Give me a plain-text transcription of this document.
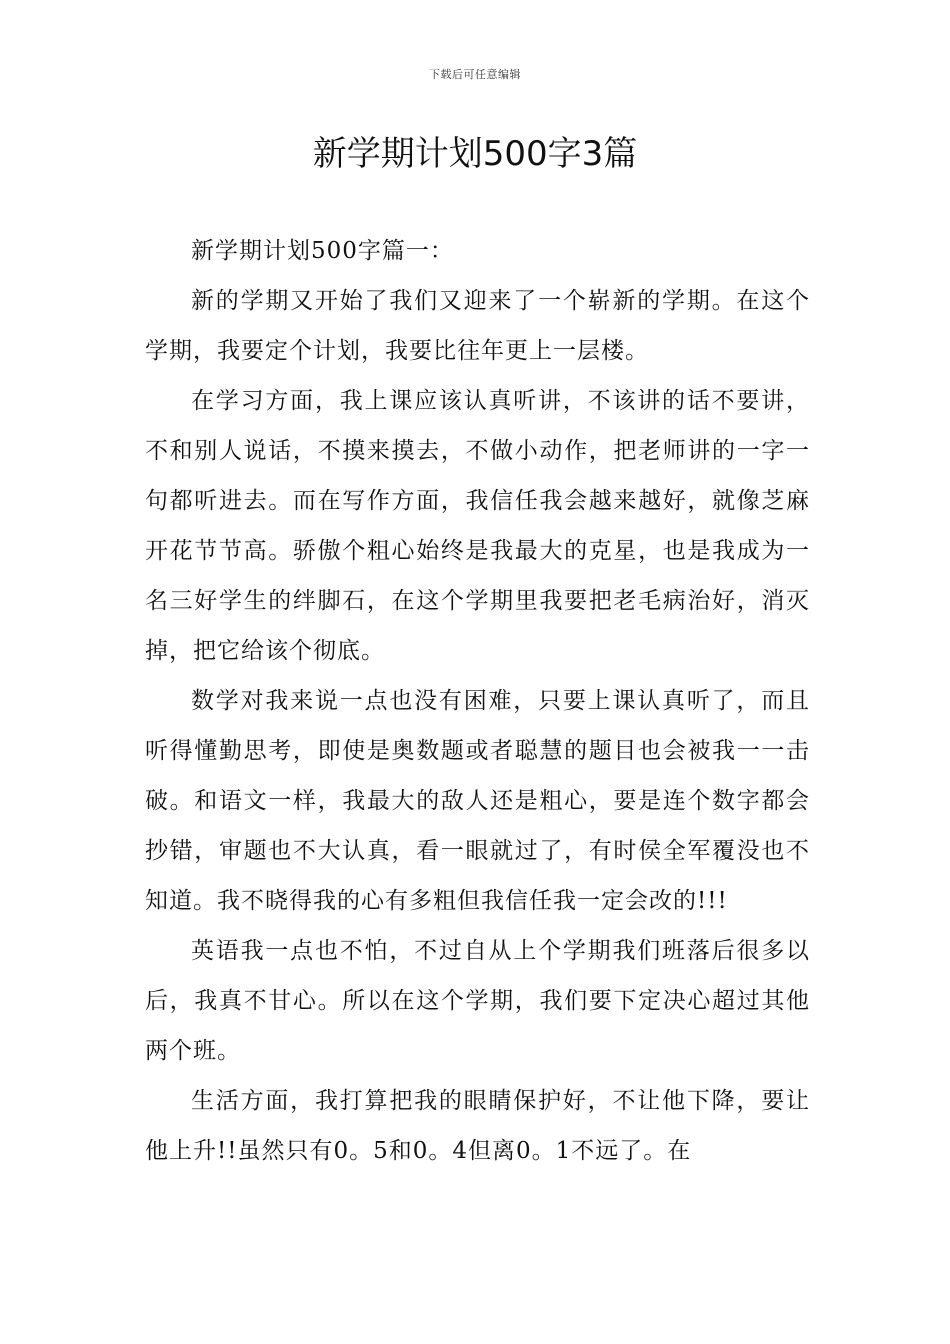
下载后可任意编辑
新学期计划500字3篇

新学期计划500字篇一：

新的学期又开始了我们又迎来了一个崭新的学期。在这个学期，我要定个计划，我要比往年更上一层楼。

在学习方面，我上课应该认真听讲，不该讲的话不要讲，不和别人说话，不摸来摸去，不做小动作，把老师讲的一字一句都听进去。而在写作方面，我信任我会越来越好，就像芝麻开花节节高。骄傲个粗心始终是我最大的克星，也是我成为一名三好学生的绊脚石，在这个学期里我要把老毛病治好，消灭掉，把它给该个彻底。

数学对我来说一点也没有困难，只要上课认真听了，而且听得懂勤思考，即使是奥数题或者聪慧的题目也会被我一一击破。和语文一样，我最大的敌人还是粗心，要是连个数字都会抄错，审题也不大认真，看一眼就过了，有时侯全军覆没也不知道。我不晓得我的心有多粗但我信任我一定会改的!!!

英语我一点也不怕，不过自从上个学期我们班落后很多以后，我真不甘心。所以在这个学期，我们要下定决心超过其他两个班。

生活方面，我打算把我的眼睛保护好，不让他下降，要让他上升!!虽然只有0。5和0。4但离0。1不远了。在
